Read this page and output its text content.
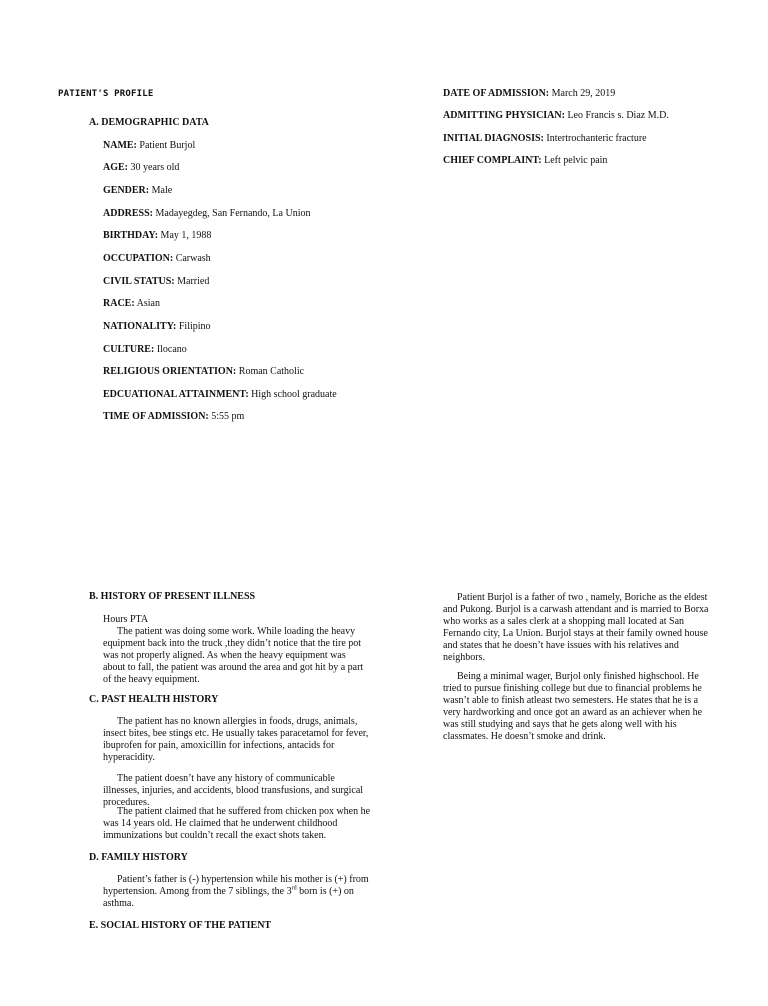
PATIENT'S PROFILE
A. DEMOGRAPHIC DATA
NAME: Patient Burjol
AGE: 30 years old
GENDER: Male
ADDRESS: Madayegdeg, San Fernando, La Union
BIRTHDAY: May 1, 1988
OCCUPATION: Carwash
CIVIL STATUS: Married
RACE: Asian
NATIONALITY: Filipino
CULTURE: Ilocano
RELIGIOUS ORIENTATION: Roman Catholic
EDCUATIONAL ATTAINMENT: High school graduate
TIME OF ADMISSION: 5:55 pm
B. HISTORY OF PRESENT ILLNESS
Hours PTA

The patient was doing some work. While loading the heavy equipment back into the truck ,they didn’t notice that the tire pot was not properly aligned. As when the heavy equipment was about to fall, the patient was around the area and got hit by a part of the heavy equipment.

C. PAST HEALTH HISTORY

The patient has no known allergies in foods, drugs, animals, insect bites, bee stings etc. He usually takes paracetamol for fever, ibuprofen for pain, amoxicillin for infections, antacids for hyperacidity.

The patient doesn’t have any history of communicable illnesses, injuries, and accidents, blood transfusions, and surgical procedures.

The patient claimed that he suffered from chicken pox when he was 14 years old. He claimed that he underwent childhood immunizations but couldn’t recall the exact shots taken.

D. FAMILY HISTORY

Patient’s father is (-) hypertension while his mother is (+) from hypertension. Among from the 7 siblings, the 3rd born is (+) on asthma.

E. SOCIAL HISTORY OF THE PATIENT
DATE OF ADMISSION: March 29, 2019
ADMITTING PHYSICIAN: Leo Francis s. Diaz M.D.
INITIAL DIAGNOSIS: Intertrochanteric fracture
CHIEF COMPLAINT: Left pelvic pain

Patient Burjol is a father of two , namely, Boriche as the eldest and Pukong. Burjol is a carwash attendant and is married to Borxa who works as a sales clerk at a shopping mall located at San Fernando city, La Union. Burjol stays at their family owned house and states that he doesn’t have issues with his relatives and neighbors.

Being a minimal wager, Burjol only finished highschool. He tried to pursue finishing college but due to financial problems he wasn’t able to finish atleast two semesters. He states that he is a very hardworking and once got an award as an achiever when he was still studying and says that he gets along well with his classmates. He doesn’t smoke and drink.
